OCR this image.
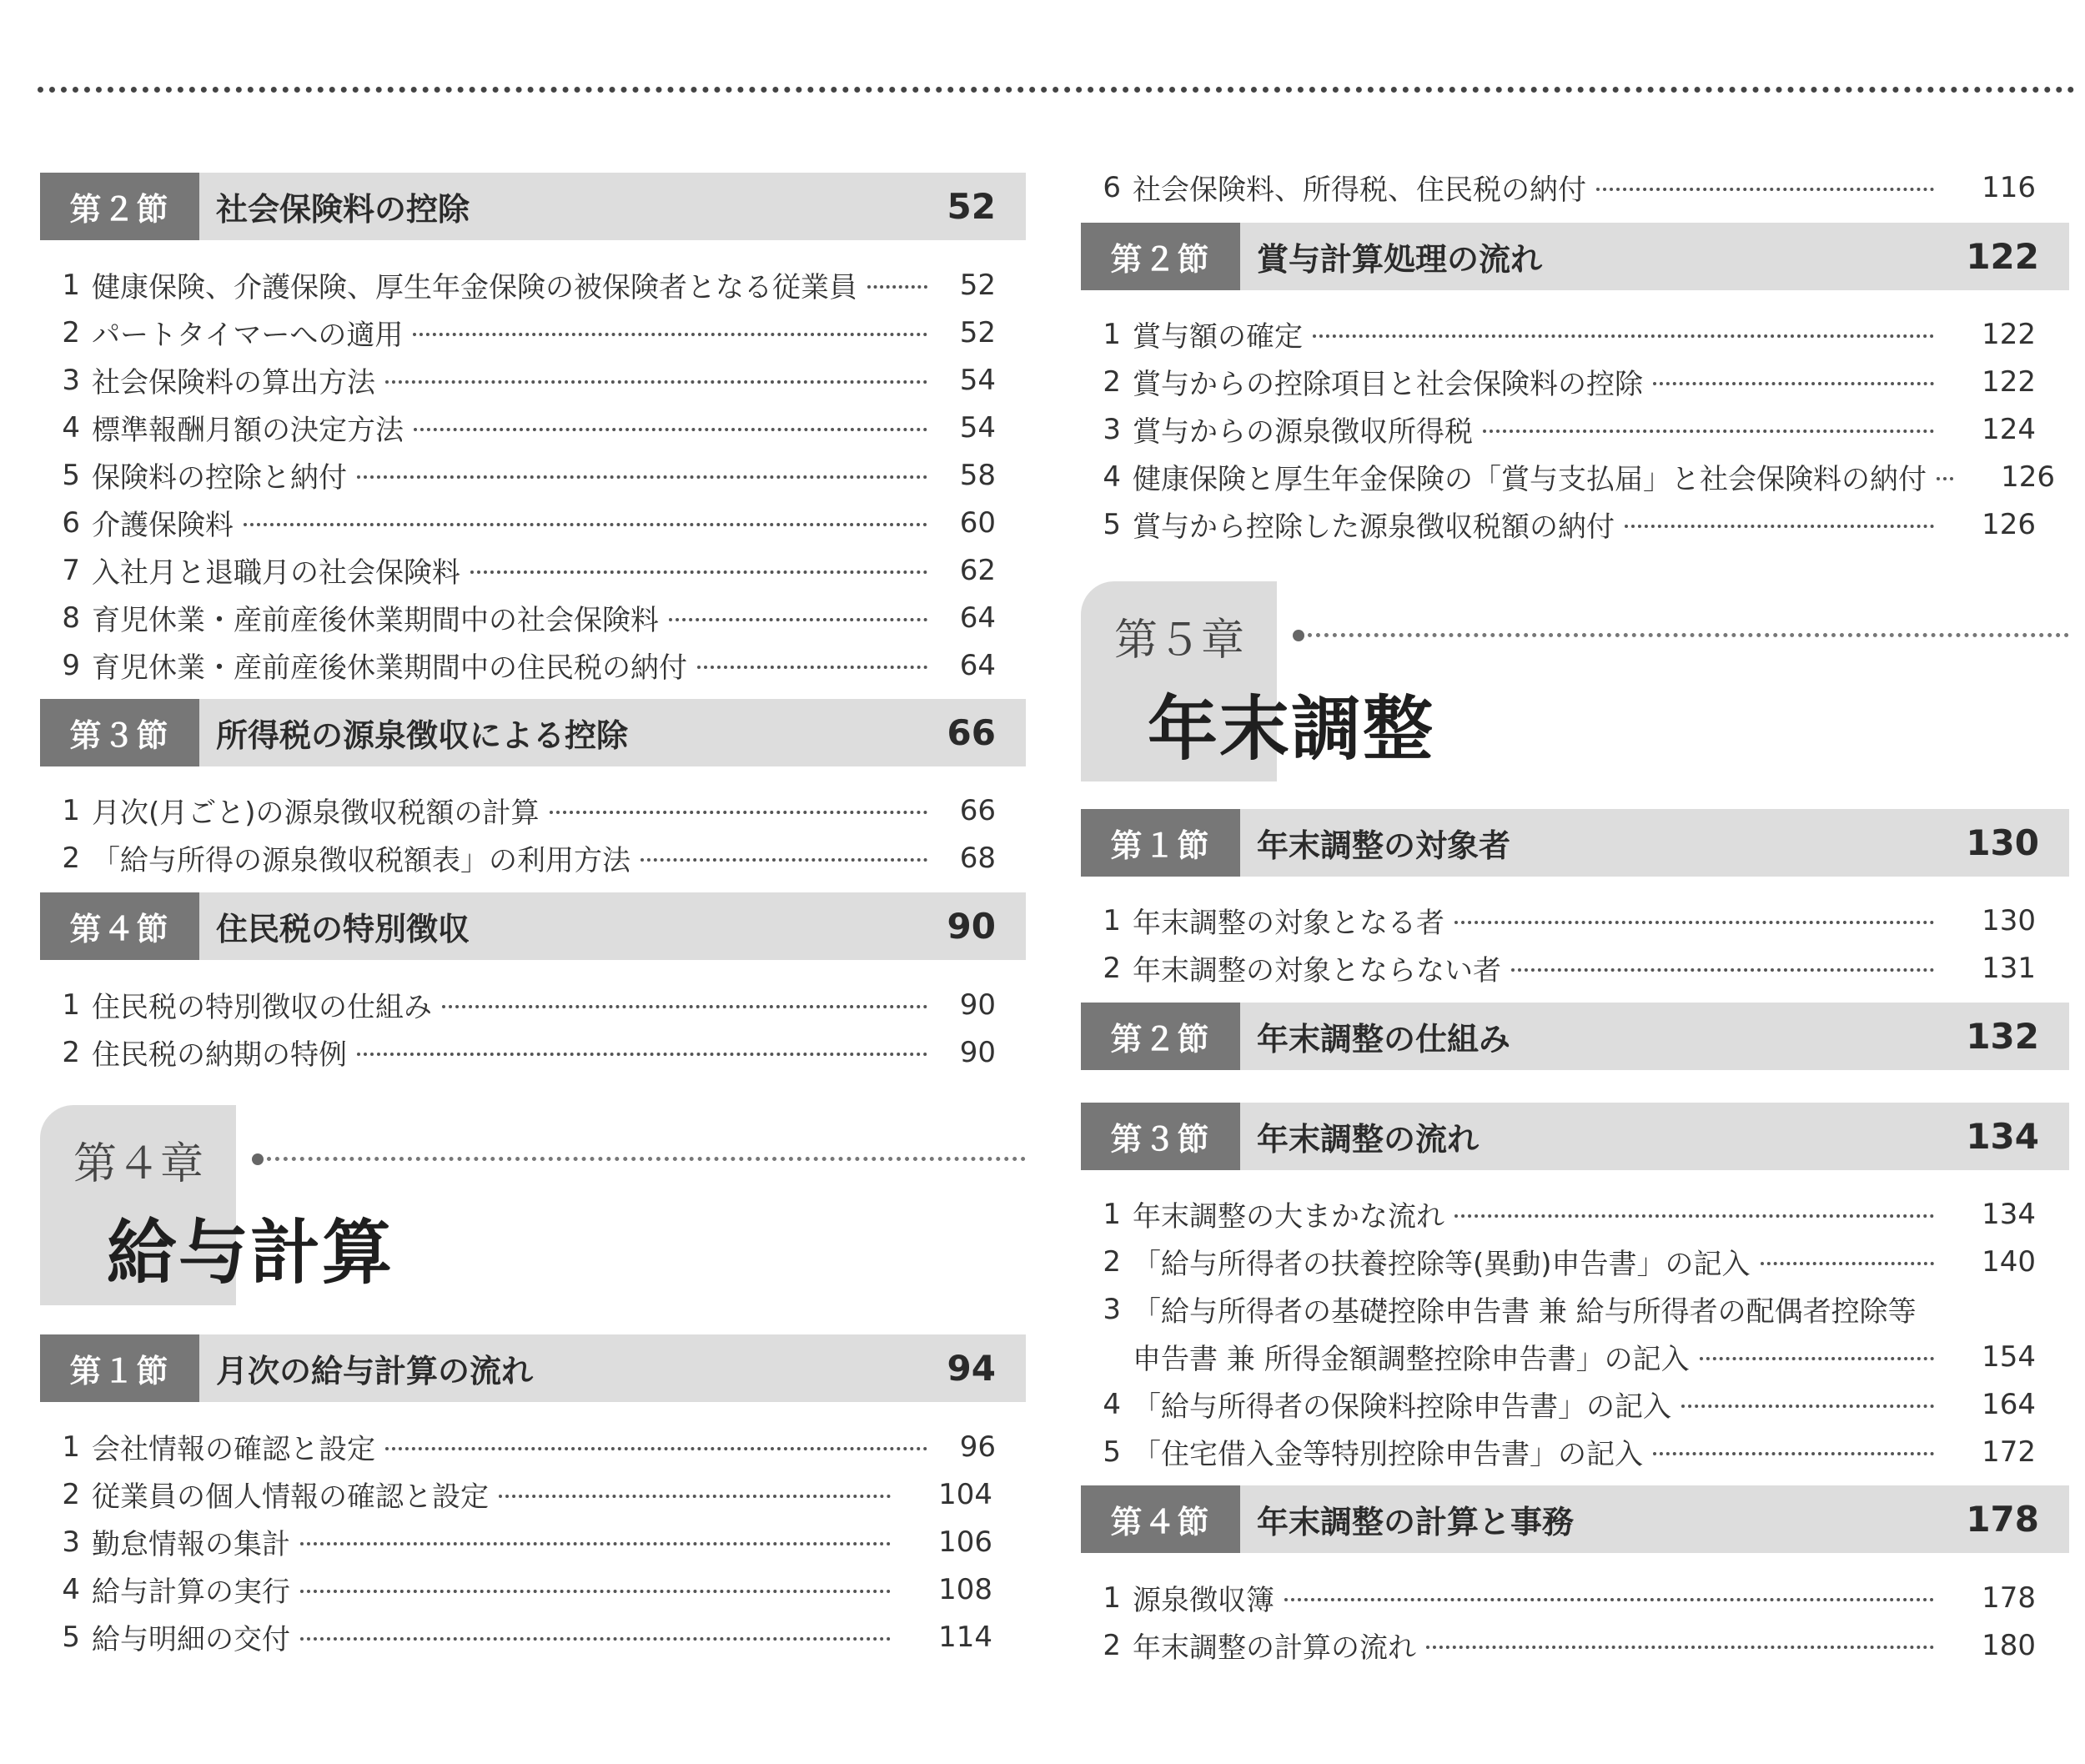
第２節	社会保険料の控除	52
1 健康保険、介護保険、厚生年金保険の被保険者となる従業員	52
2 パートタイマーへの適用	52
3 社会保険料の算出方法	54
4 標準報酬月額の決定方法	54
5 保険料の控除と納付	58
6 介護保険料	60
7 入社月と退職月の社会保険料	62
8 育児休業・産前産後休業期間中の社会保険料	64
9 育児休業・産前産後休業期間中の住民税の納付	64
第３節	所得税の源泉徴収による控除	66
1 月次(月ごと)の源泉徴収税額の計算	66
2 「給与所得の源泉徴収税額表」の利用方法	68
第４節	住民税の特別徴収	90
1 住民税の特別徴収の仕組み	90
2 住民税の納期の特例	90
第４章
給与計算
第１節	月次の給与計算の流れ	94
1 会社情報の確認と設定	96
2 従業員の個人情報の確認と設定	104
3 勤怠情報の集計	106
4 給与計算の実行	108
5 給与明細の交付	114
6 社会保険料、所得税、住民税の納付	116
第２節	賞与計算処理の流れ	122
1 賞与額の確定	122
2 賞与からの控除項目と社会保険料の控除	122
3 賞与からの源泉徴収所得税	124
4 健康保険と厚生年金保険の「賞与支払届」と社会保険料の納付	126
5 賞与から控除した源泉徴収税額の納付	126
第５章
年末調整
第１節	年末調整の対象者	130
1 年末調整の対象となる者	130
2 年末調整の対象とならない者	131
第２節	年末調整の仕組み	132
第３節	年末調整の流れ	134
1 年末調整の大まかな流れ	134
2 「給与所得者の扶養控除等(異動)申告書」の記入	140
3 「給与所得者の基礎控除申告書 兼 給与所得者の配偶者控除等
申告書 兼 所得金額調整控除申告書」の記入	154
4 「給与所得者の保険料控除申告書」の記入	164
5 「住宅借入金等特別控除申告書」の記入	172
第４節	年末調整の計算と事務	178
1 源泉徴収簿	178
2 年末調整の計算の流れ	180
